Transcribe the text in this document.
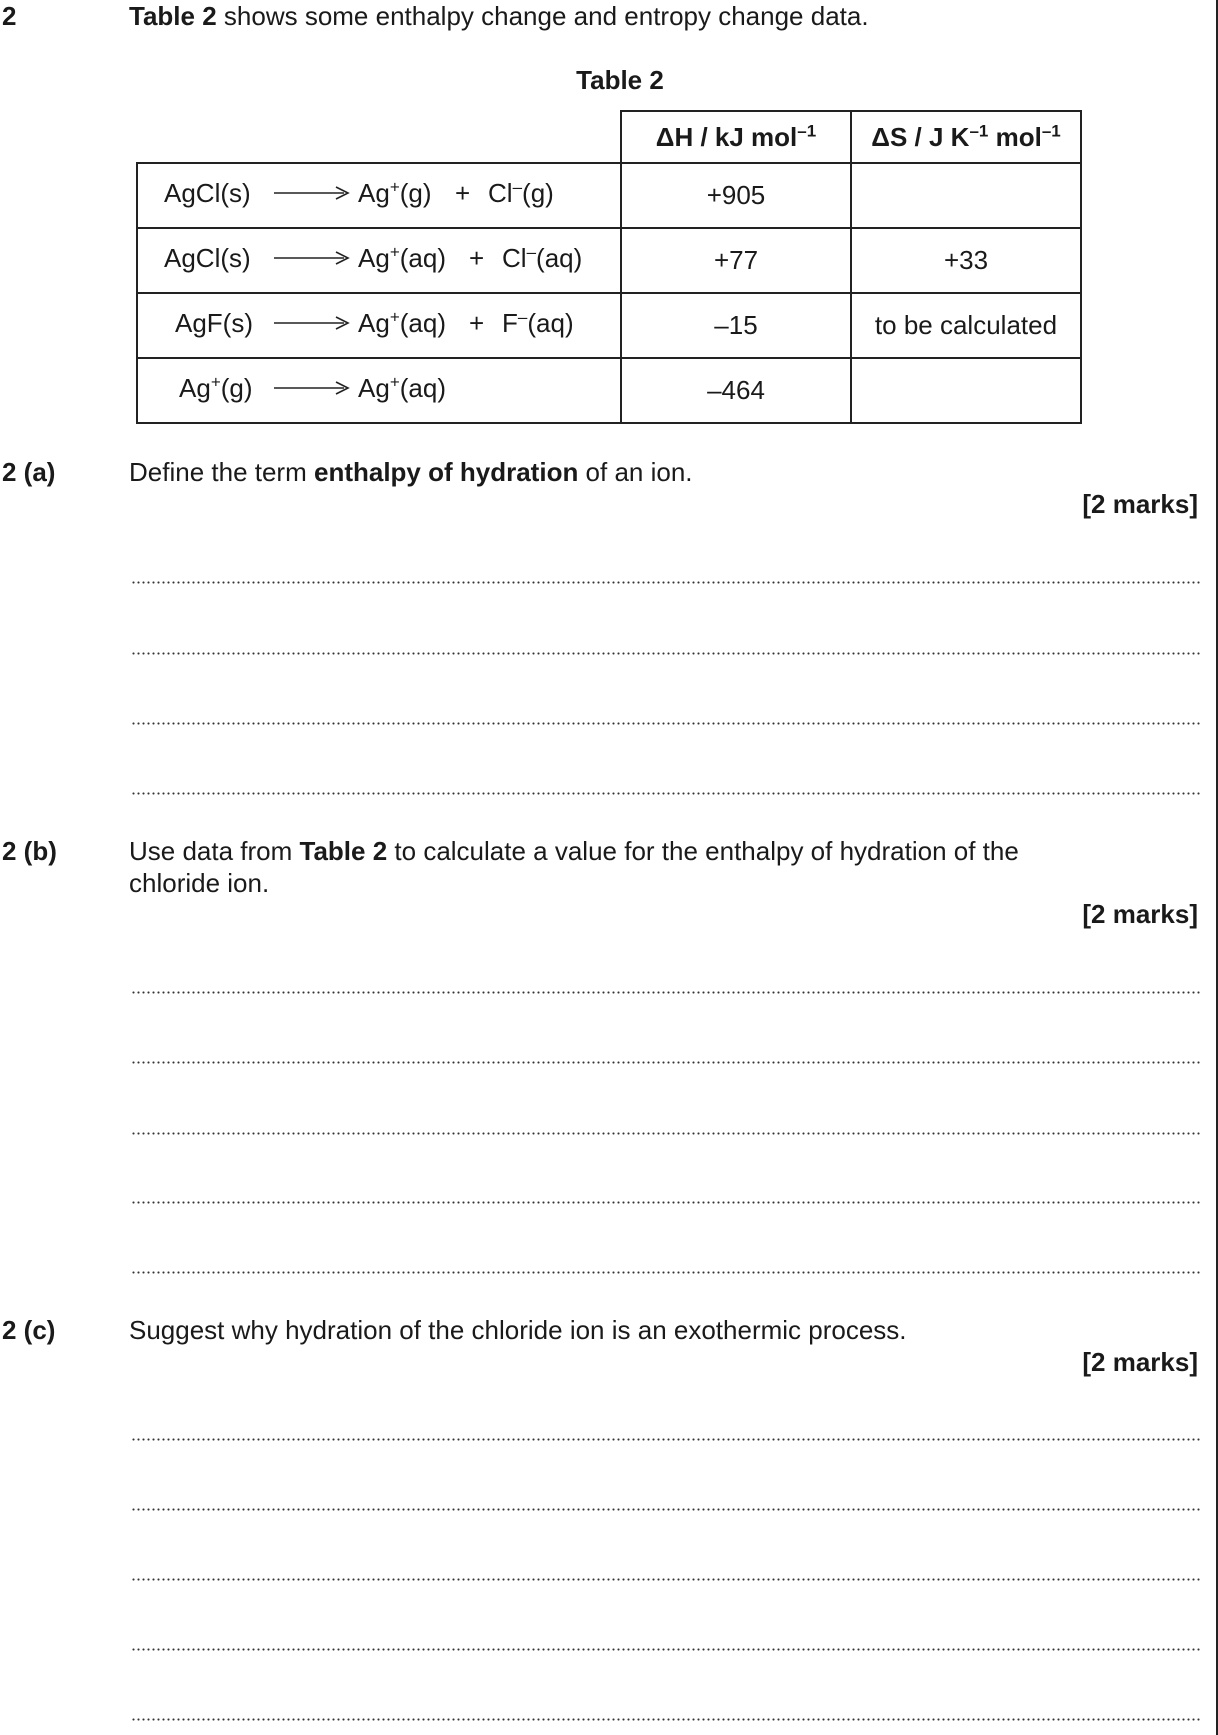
2	Table 2 shows some enthalpy change and entropy change data.
Table 2
	ΔH / kJ mol$^{-1}$	ΔS / J $K^{-1}$ mol$^{-1}$

AgCl(s) → Ag+(g) + Cl–(g)	+905	

AgCl(s) → Ag+(aq) + Cl–(aq)	+77	+33

AgF(s) → Ag+(aq) + F–(aq)	–15	to be calculated

Ag+(g) → Ag+(aq)	–464	
2 (a)	Define the term enthalpy of hydration of an ion.
[2 marks]
2 (b)	Use data from Table 2 to calculate a value for the enthalpy of hydration of the
chloride ion.
[2 marks]
2 (c)	Suggest why hydration of the chloride ion is an exothermic process.
[2 marks]
